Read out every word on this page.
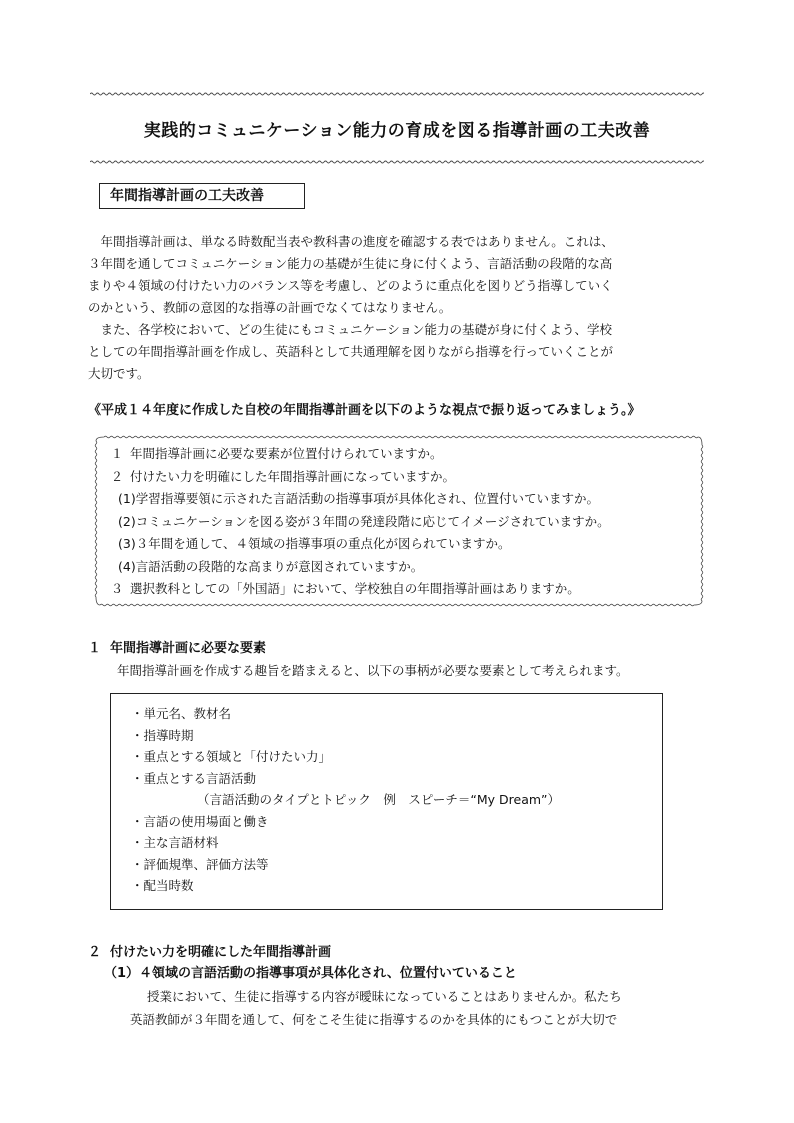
実践的コミュニケーション能力の育成を図る指導計画の工夫改善
年間指導計画の工夫改善

　年間指導計画は、単なる時数配当表や教科書の進度を確認する表ではありません。これは、
３年間を通してコミュニケーション能力の基礎が生徒に身に付くよう、言語活動の段階的な高
まりや４領域の付けたい力のバランス等を考慮し、どのように重点化を図りどう指導していく
のかという、教師の意図的な指導の計画でなくてはなりません。
　また、各学校において、どの生徒にもコミュニケーション能力の基礎が身に付くよう、学校
としての年間指導計画を作成し、英語科として共通理解を図りながら指導を行っていくことが
大切です。

《平成１４年度に作成した自校の年間指導計画を以下のような視点で振り返ってみましょう。》
１ 年間指導計画に必要な要素が位置付けられていますか。
２ 付けたい力を明確にした年間指導計画になっていますか。
(1)学習指導要領に示された言語活動の指導事項が具体化され、位置付いていますか。
(2)コミュニケーションを図る姿が３年間の発達段階に応じてイメージされていますか。
(3)３年間を通して、４領域の指導事項の重点化が図られていますか。
(4)言語活動の段階的な高まりが意図されていますか。
３ 選択教科としての「外国語」において、学校独自の年間指導計画はありますか。
１ 年間指導計画に必要な要素
年間指導計画を作成する趣旨を踏まえると、以下の事柄が必要な要素として考えられます。
・単元名、教材名
・指導時期
・重点とする領域と「付けたい力」
・重点とする言語活動
（言語活動のタイプとトピック　例　スピーチ＝“My Dream”）
・言語の使用場面と働き
・主な言語材料
・評価規準、評価方法等
・配当時数
２ 付けたい力を明確にした年間指導計画
（1）４領域の言語活動の指導事項が具体化され、位置付いていること

授業において、生徒に指導する内容が曖昧になっていることはありませんか。私たち
英語教師が３年間を通して、何をこそ生徒に指導するのかを具体的にもつことが大切で
